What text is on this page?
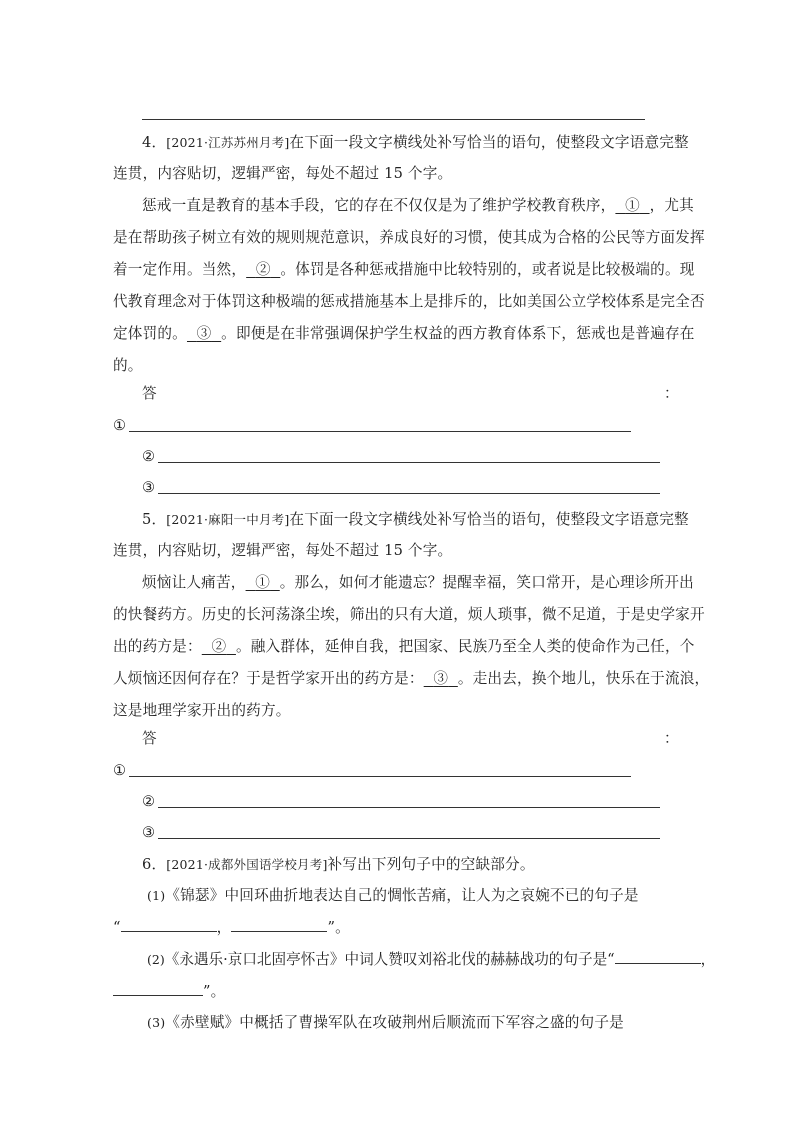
4．[2021·江苏苏州月考]在下面一段文字横线处补写恰当的语句，使整段文字语意完整
连贯，内容贴切，逻辑严密，每处不超过 15 个字。
惩戒一直是教育的基本手段，它的存在不仅仅是为了维护学校教育秩序， ① ，尤其
是在帮助孩子树立有效的规则规范意识，养成良好的习惯，使其成为合格的公民等方面发挥
着一定作用。当然， ② 。体罚是各种惩戒措施中比较特别的，或者说是比较极端的。现
代教育理念对于体罚这种极端的惩戒措施基本上是排斥的，比如美国公立学校体系是完全否
定体罚的。 ③ 。即便是在非常强调保护学生权益的西方教育体系下，惩戒也是普遍存在
的。
答	：
①
②
③
5．[2021·麻阳一中月考]在下面一段文字横线处补写恰当的语句，使整段文字语意完整
连贯，内容贴切，逻辑严密，每处不超过 15 个字。
烦恼让人痛苦， ① 。那么，如何才能遗忘？提醒幸福，笑口常开，是心理诊所开出
的快餐药方。历史的长河荡涤尘埃，筛出的只有大道，烦人琐事，微不足道，于是史学家开
出的药方是： ② 。融入群体，延伸自我，把国家、民族乃至全人类的使命作为己任，个
人烦恼还因何存在？于是哲学家开出的药方是： ③ 。走出去，换个地儿，快乐在于流浪，
这是地理学家开出的药方。
答	：
①
②
③
6．[2021·成都外国语学校月考]补写出下列句子中的空缺部分。
(1)《锦瑟》中回环曲折地表达自己的惆怅苦痛，让人为之哀婉不已的句子是
“	，	”。
(2)《永遇乐·京口北固亭怀古》中词人赞叹刘裕北伐的赫赫战功的句子是“	，
”。
(3)《赤壁赋》中概括了曹操军队在攻破荆州后顺流而下军容之盛的句子是
